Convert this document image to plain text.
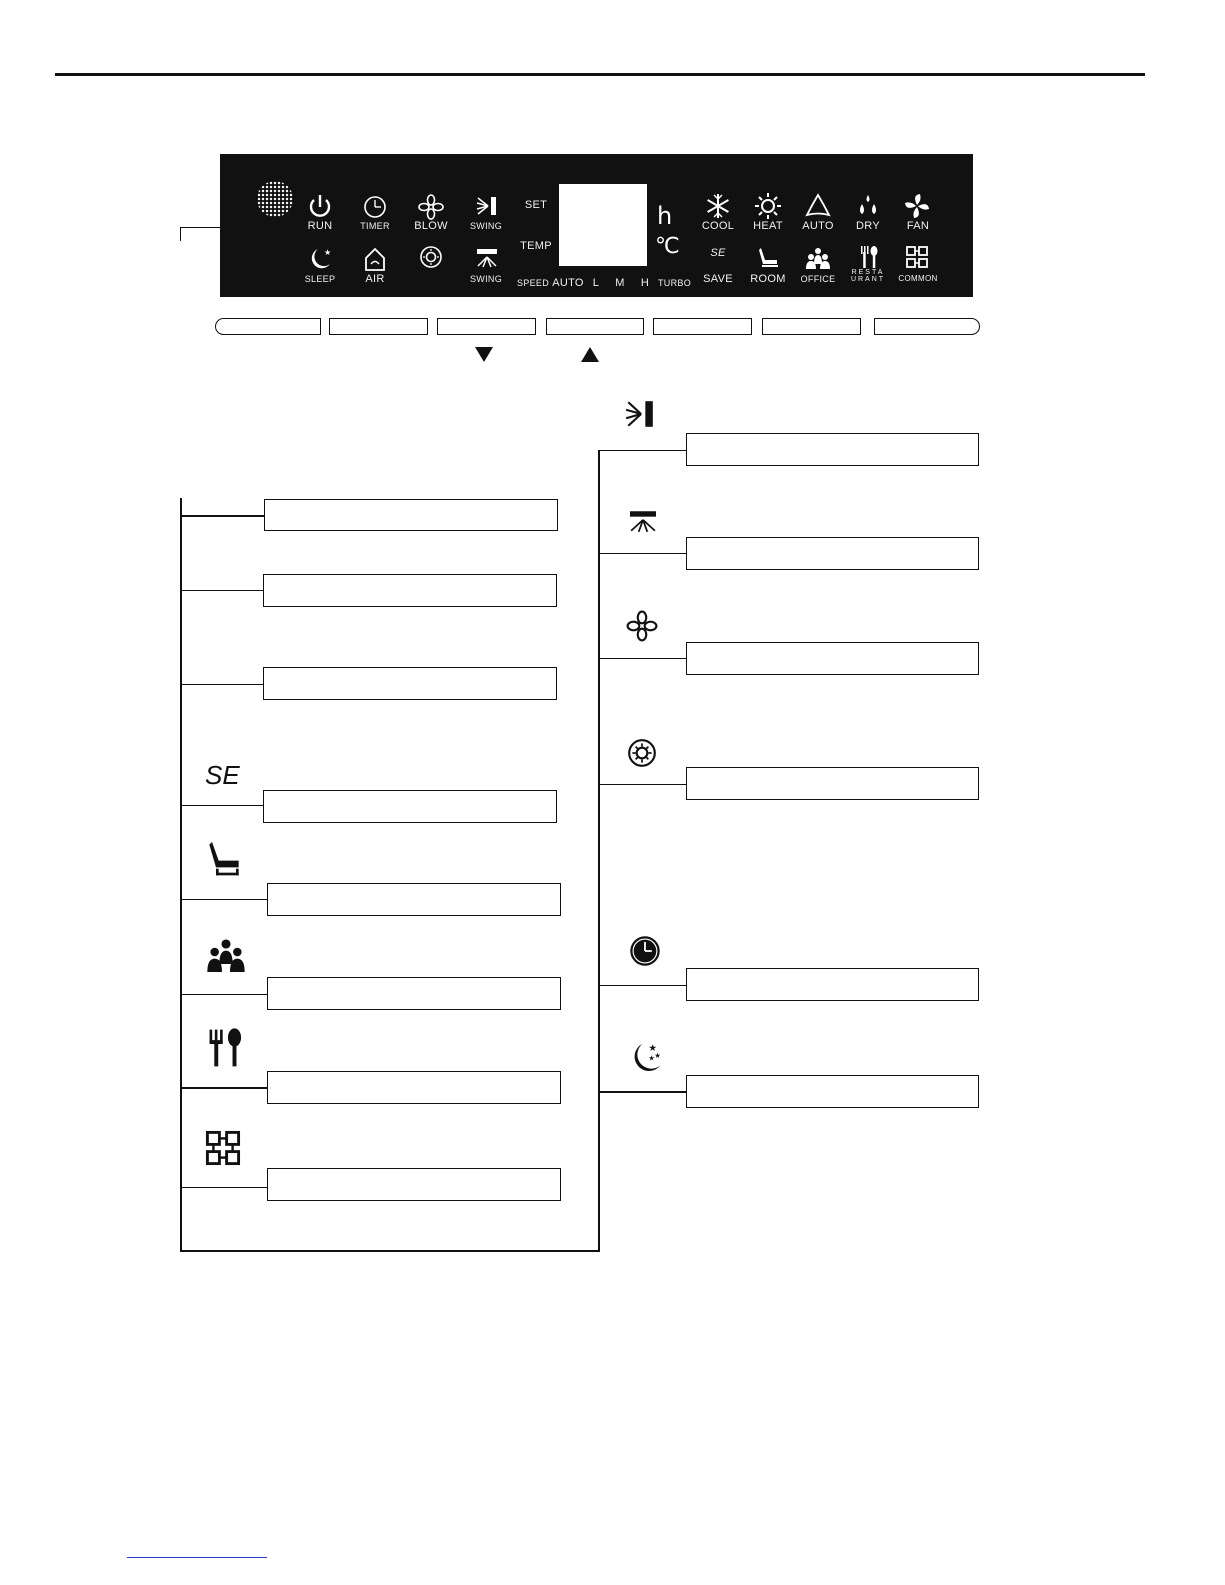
RUN	TIMER	BLOW	SWING
SET
TEMP
h
℃
SPEED AUTO L M H TURBO
COOL	HEAT	AUTO	DRY	FAN
★
SLEEP	AIR	SWING
SE
SAVE	ROOM	OFFICE
RESTA URANT COMMON
SE
★
★
★
